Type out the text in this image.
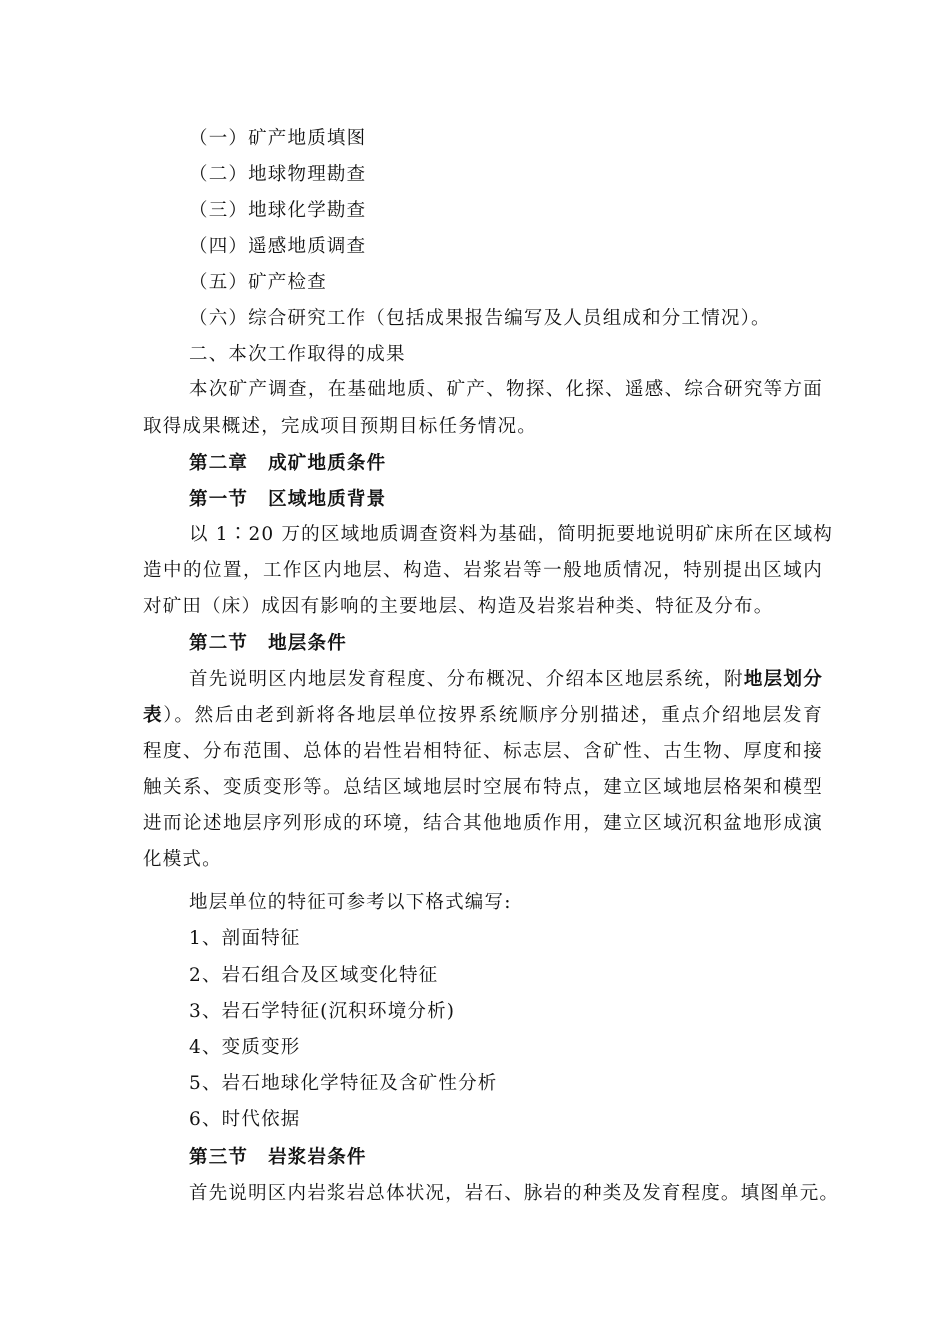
（一）矿产地质填图
（二）地球物理勘查
（三）地球化学勘查
（四）遥感地质调查
（五）矿产检查
（六）综合研究工作（包括成果报告编写及人员组成和分工情况）。
二、本次工作取得的成果
本次矿产调查，在基础地质、矿产、物探、化探、遥感、综合研究等方面
取得成果概述，完成项目预期目标任务情况。
第二章 成矿地质条件
第一节 区域地质背景
以 1∶20 万的区域地质调查资料为基础，简明扼要地说明矿床所在区域构
造中的位置，工作区内地层、构造、岩浆岩等一般地质情况，特别提出区域内
对矿田（床）成因有影响的主要地层、构造及岩浆岩种类、特征及分布。
第二节 地层条件
首先说明区内地层发育程度、分布概况、介绍本区地层系统，附地层划分
表）。然后由老到新将各地层单位按界系统顺序分别描述，重点介绍地层发育
程度、分布范围、总体的岩性岩相特征、标志层、含矿性、古生物、厚度和接
触关系、变质变形等。总结区域地层时空展布特点，建立区域地层格架和模型
进而论述地层序列形成的环境，结合其他地质作用，建立区域沉积盆地形成演
化模式。
地层单位的特征可参考以下格式编写:
1、剖面特征
2、岩石组合及区域变化特征
3、岩石学特征(沉积环境分析)
4、变质变形
5、岩石地球化学特征及含矿性分析
6、时代依据
第三节 岩浆岩条件
首先说明区内岩浆岩总体状况，岩石、脉岩的种类及发育程度。填图单元。
